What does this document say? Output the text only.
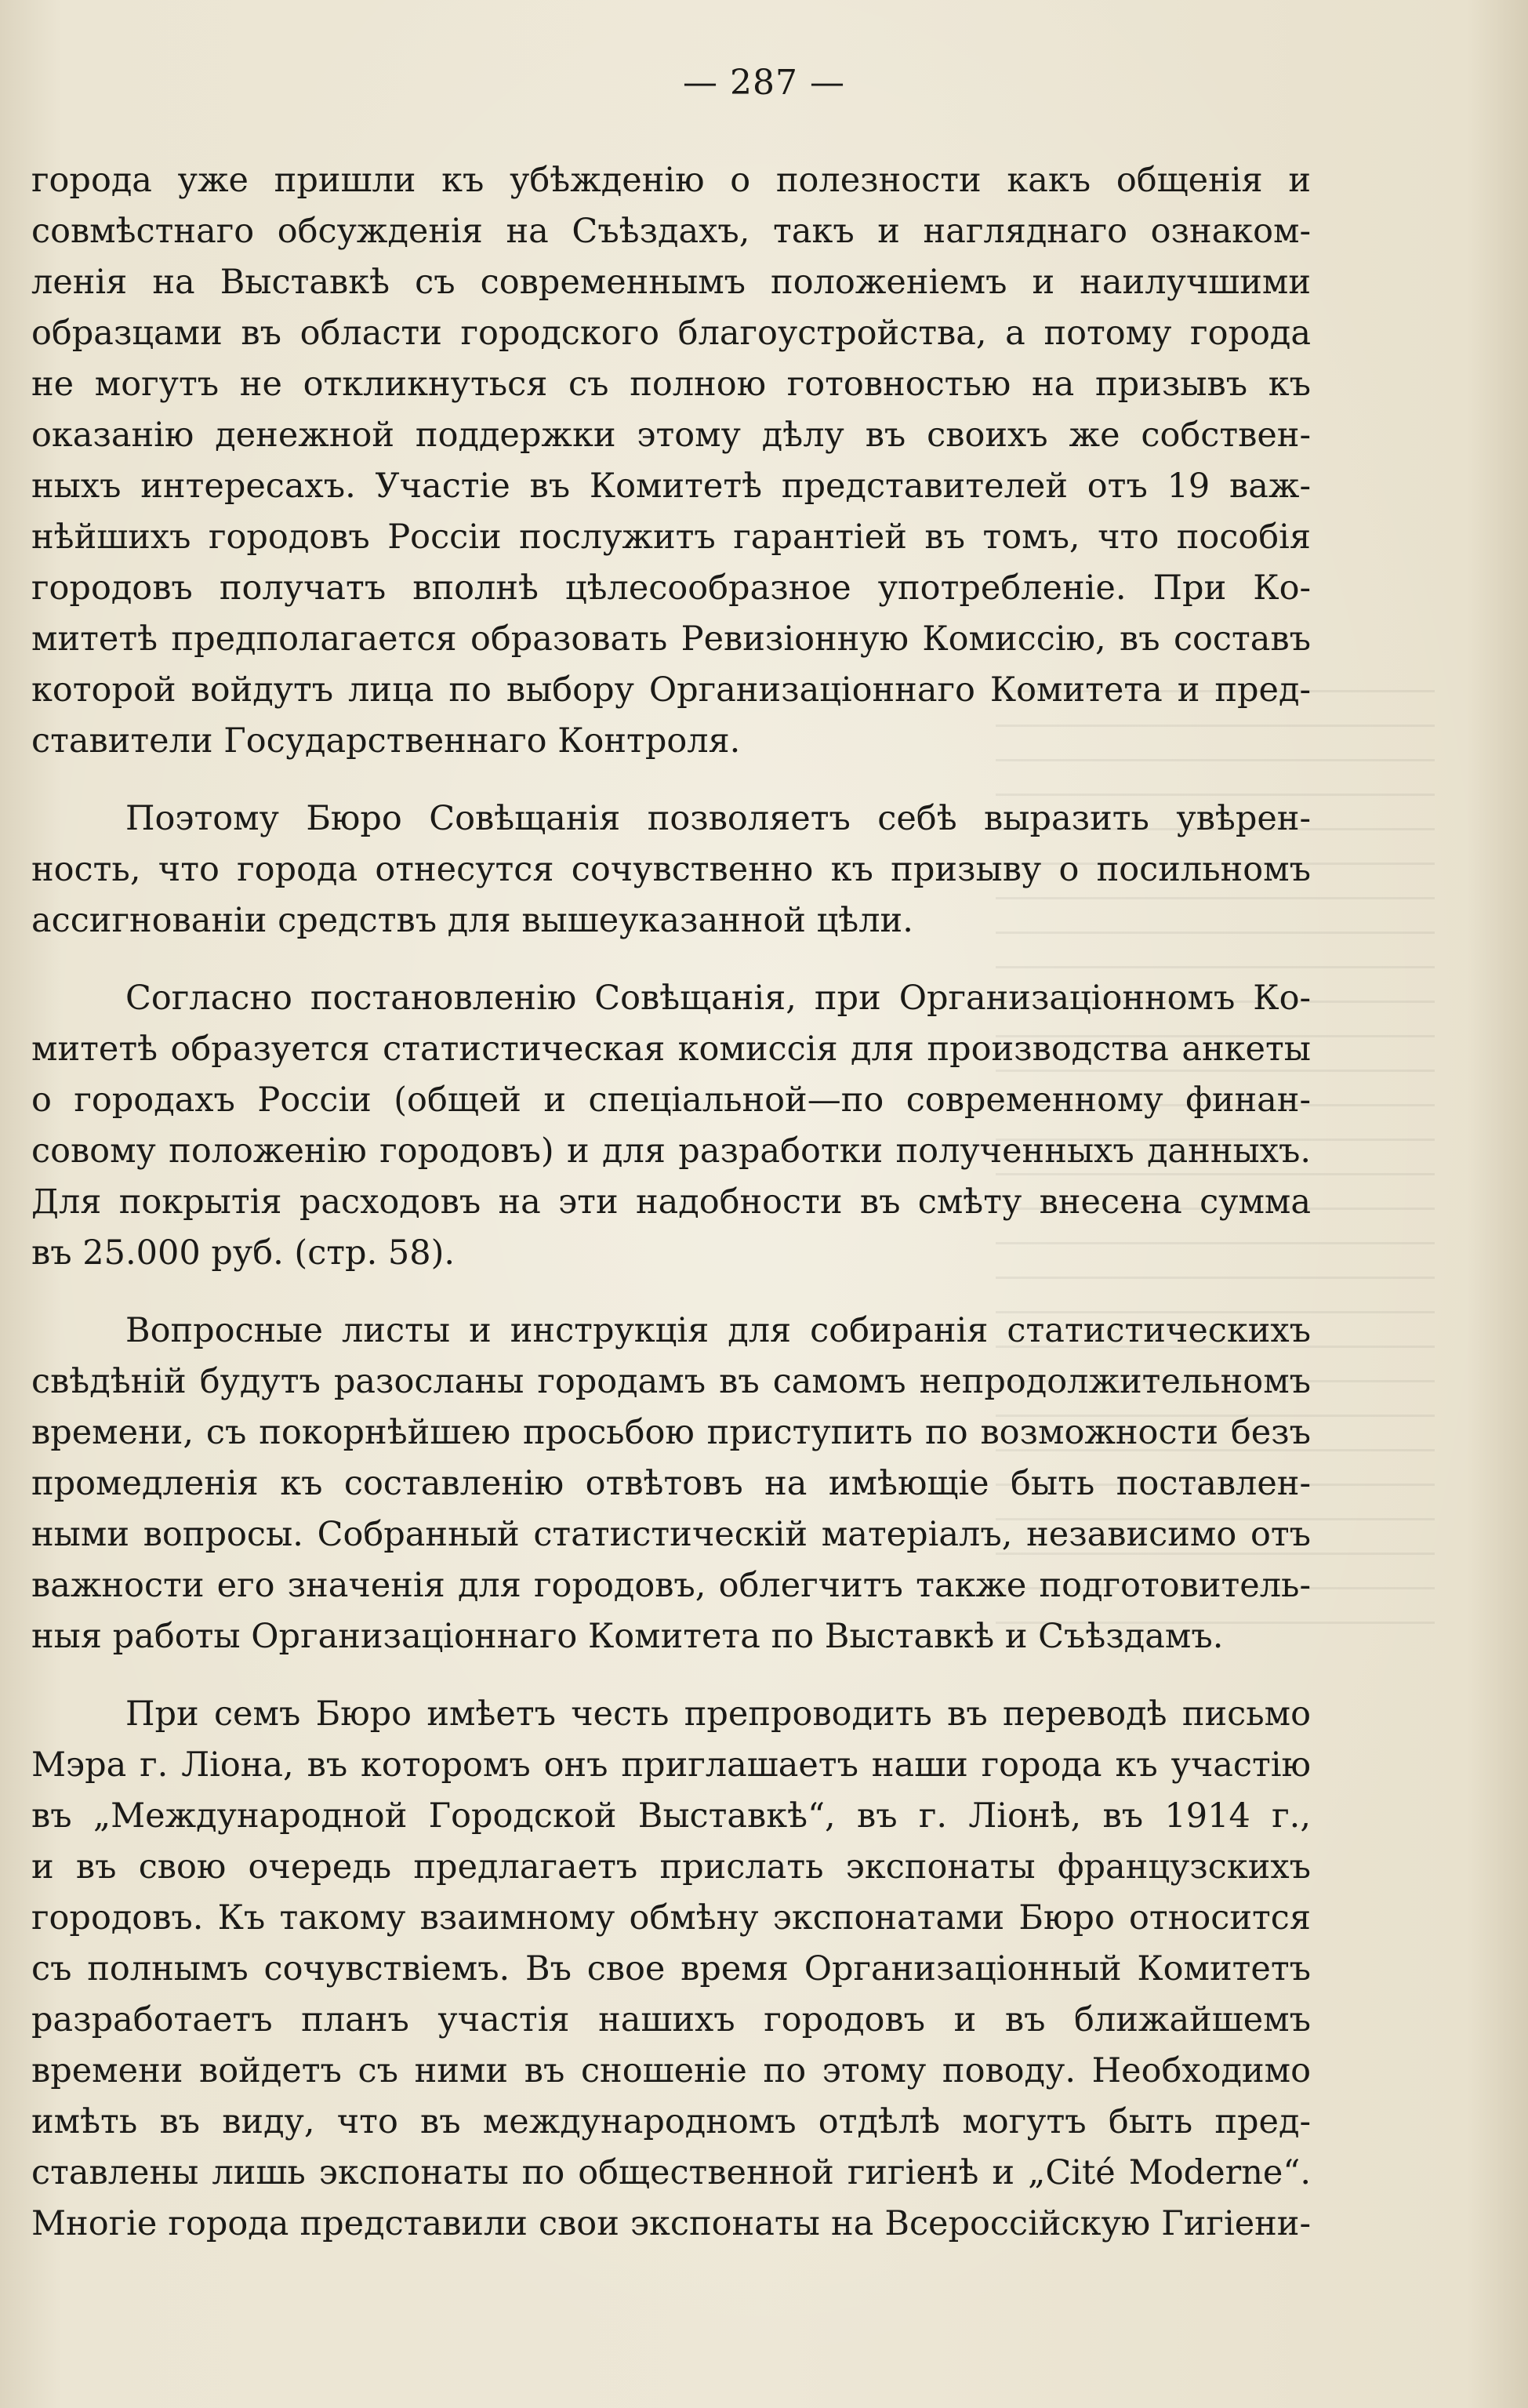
— 287 —
города уже пришли къ убѣжденію о полезности какъ общенія и
совмѣстнаго обсужденія на Съѣздахъ, такъ и нагляднаго ознаком-
ленія на Выставкѣ съ современнымъ положеніемъ и наилучшими
образцами въ области городского благоустройства, а потому города
не могутъ не откликнуться съ полною готовностью на призывъ къ
оказанію денежной поддержки этому дѣлу въ своихъ же собствен-
ныхъ интересахъ. Участіе въ Комитетѣ представителей отъ 19 важ-
нѣйшихъ городовъ Россіи послужитъ гарантіей въ томъ, что пособія
городовъ получатъ вполнѣ цѣлесообразное употребленіе. При Ко-
митетѣ предполагается образовать Ревизіонную Комиссію, въ составъ
которой войдутъ лица по выбору Организаціоннаго Комитета и пред-
ставители Государственнаго Контроля.
Поэтому Бюро Совѣщанія позволяетъ себѣ выразить увѣрен-
ность, что города отнесутся сочувственно къ призыву о посильномъ
ассигнованіи средствъ для вышеуказанной цѣли.
Согласно постановленію Совѣщанія, при Организаціонномъ Ко-
митетѣ образуется статистическая комиссія для производства анкеты
о городахъ Россіи (общей и спеціальной—по современному финан-
совому положенію городовъ) и для разработки полученныхъ данныхъ.
Для покрытія расходовъ на эти надобности въ смѣту внесена сумма
въ 25.000 руб. (стр. 58).
Вопросные листы и инструкція для собиранія статистическихъ
свѣдѣній будутъ разосланы городамъ въ самомъ непродолжительномъ
времени, съ покорнѣйшею просьбою приступить по возможности безъ
промедленія къ составленію отвѣтовъ на имѣющіе быть поставлен-
ными вопросы. Собранный статистическій матеріалъ, независимо отъ
важности его значенія для городовъ, облегчитъ также подготовитель-
ныя работы Организаціоннаго Комитета по Выставкѣ и Съѣздамъ.
При семъ Бюро имѣетъ честь препроводить въ переводѣ письмо
Мэра г. Ліона, въ которомъ онъ приглашаетъ наши города къ участію
въ „Международной Городской Выставкѣ“, въ г. Ліонѣ, въ 1914 г.,
и въ свою очередь предлагаетъ прислать экспонаты французскихъ
городовъ. Къ такому взаимному обмѣну экспонатами Бюро относится
съ полнымъ сочувствіемъ. Въ свое время Организаціонный Комитетъ
разработаетъ планъ участія нашихъ городовъ и въ ближайшемъ
времени войдетъ съ ними въ сношеніе по этому поводу. Необходимо
имѣть въ виду, что въ международномъ отдѣлѣ могутъ быть пред-
ставлены лишь экспонаты по общественной гигіенѣ и „Cité Moderne“.
Многіе города представили свои экспонаты на Всероссійскую Гигіени-
